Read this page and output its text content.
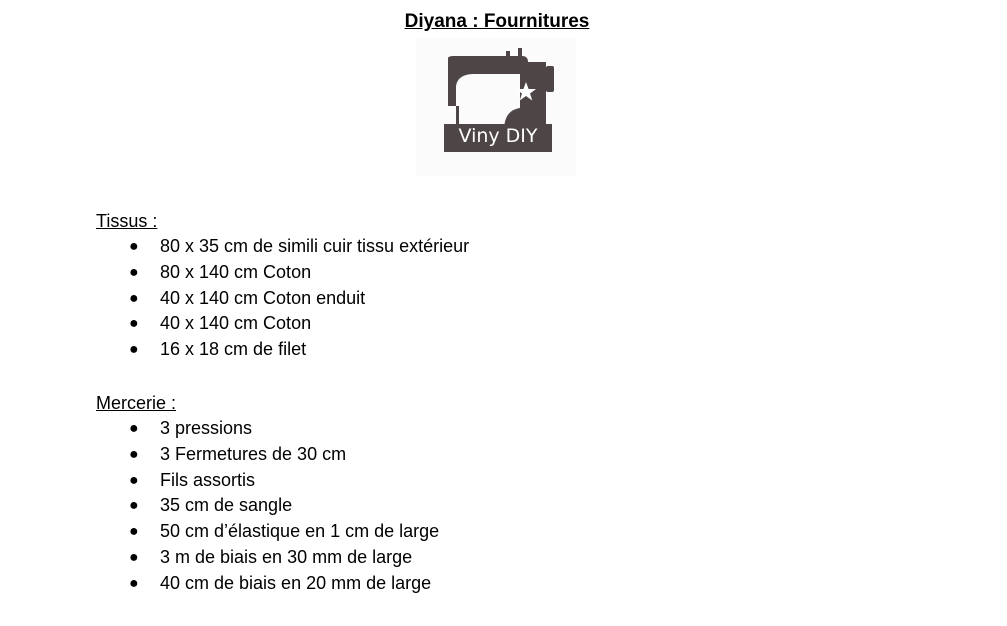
Diyana : Fournitures
Viny DIY
Tissus :
● 80 x 35 cm de simili cuir tissu extérieur
● 80 x 140 cm Coton
● 40 x 140 cm Coton enduit
● 40 x 140 cm Coton
● 16 x 18 cm de filet
Mercerie :
● 3 pressions
● 3 Fermetures de 30 cm
● Fils assortis
● 35 cm de sangle
● 50 cm d’élastique en 1 cm de large
● 3 m de biais en 30 mm de large
● 40 cm de biais en 20 mm de large
